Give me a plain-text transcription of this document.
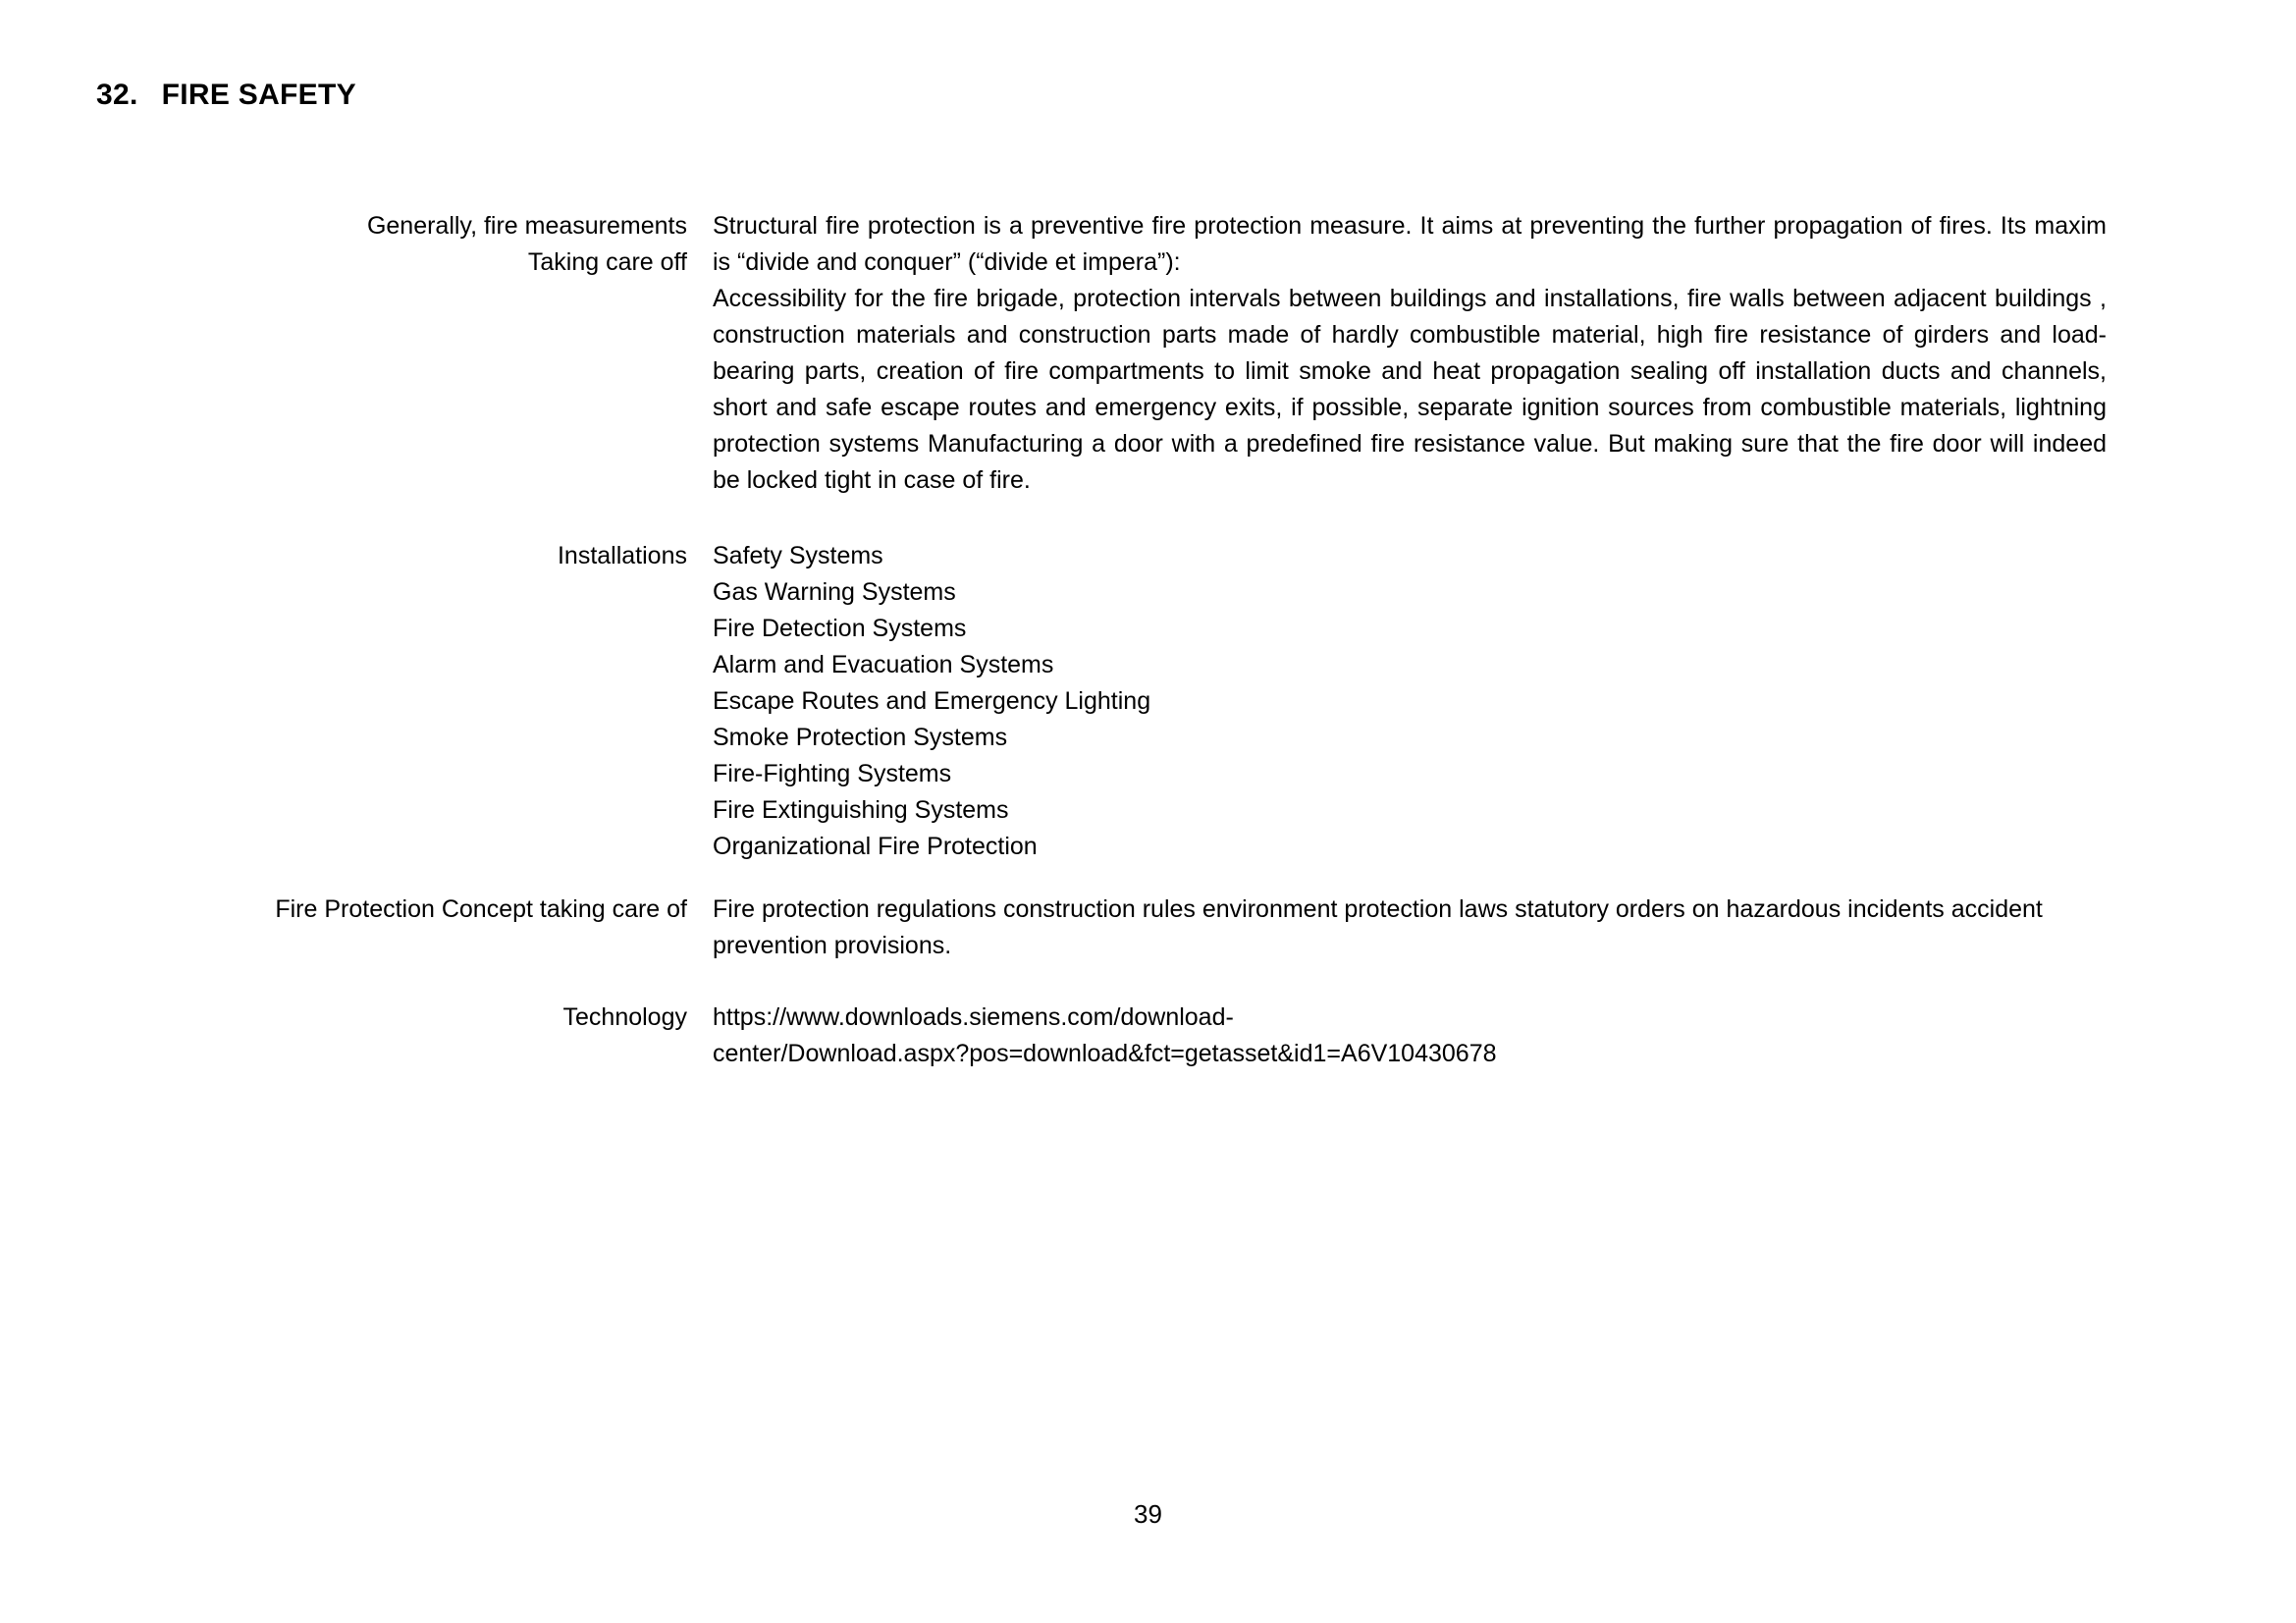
32. FIRE SAFETY
Generally, fire measurements
Taking care off
Structural fire protection is a preventive fire protection measure. It aims at preventing the further propagation of fires. Its maxim is “divide and conquer” (“divide et impera”):
Accessibility for the fire brigade, protection intervals between buildings and installations, fire walls between adjacent buildings , construction materials and construction parts made of hardly combustible material, high fire resistance of girders and load-bearing parts, creation of fire compartments to limit smoke and heat propagation sealing off installation ducts and channels, short and safe escape routes and emergency exits, if possible, separate ignition sources from combustible materials, lightning protection systems Manufacturing a door with a predefined fire resistance value. But making sure that the fire door will indeed be locked tight in case of fire.
Installations Safety Systems
Gas Warning Systems
Fire Detection Systems
Alarm and Evacuation Systems
Escape Routes and Emergency Lighting
Smoke Protection Systems
Fire-Fighting Systems
Fire Extinguishing Systems
Organizational Fire Protection
Fire Protection Concept taking care of Fire protection regulations construction rules environment protection laws statutory orders on hazardous incidents accident prevention provisions.
Technology https://www.downloads.siemens.com/download-
center/Download.aspx?pos=download&fct=getasset&id1=A6V10430678
39
